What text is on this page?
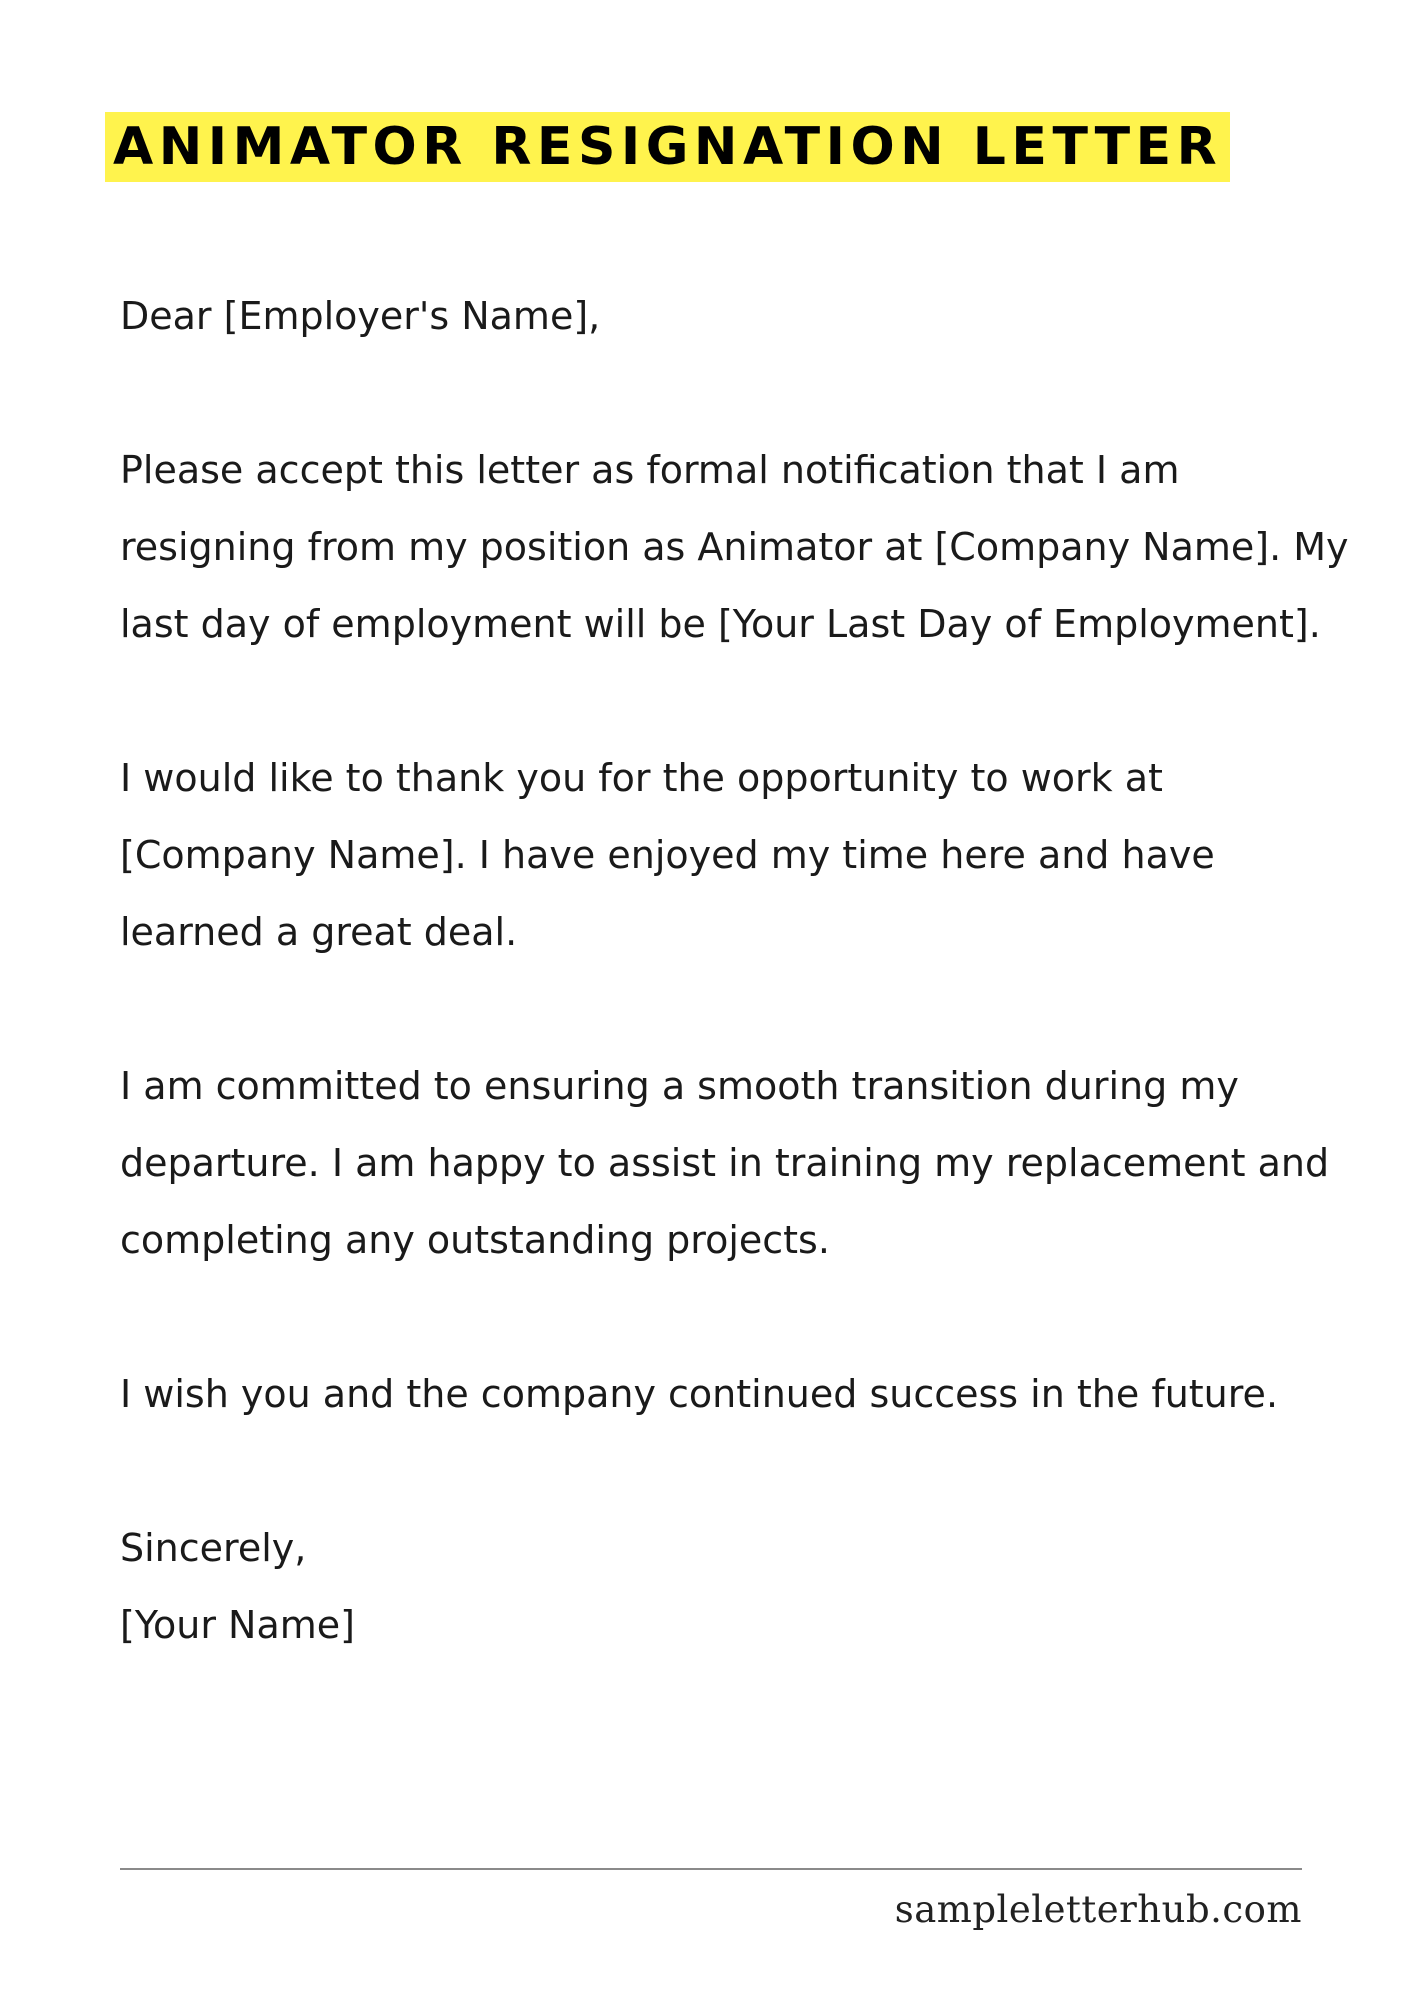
ANIMATOR RESIGNATION LETTER

Dear [Employer's Name],

Please accept this letter as formal notification that I am resigning from my position as Animator at [Company Name]. My last day of employment will be [Your Last Day of Employment].

I would like to thank you for the opportunity to work at [Company Name]. I have enjoyed my time here and have learned a great deal.

I am committed to ensuring a smooth transition during my departure. I am happy to assist in training my replacement and completing any outstanding projects.

I wish you and the company continued success in the future.

Sincerely,

[Your Name]

sampleletterhub.com
